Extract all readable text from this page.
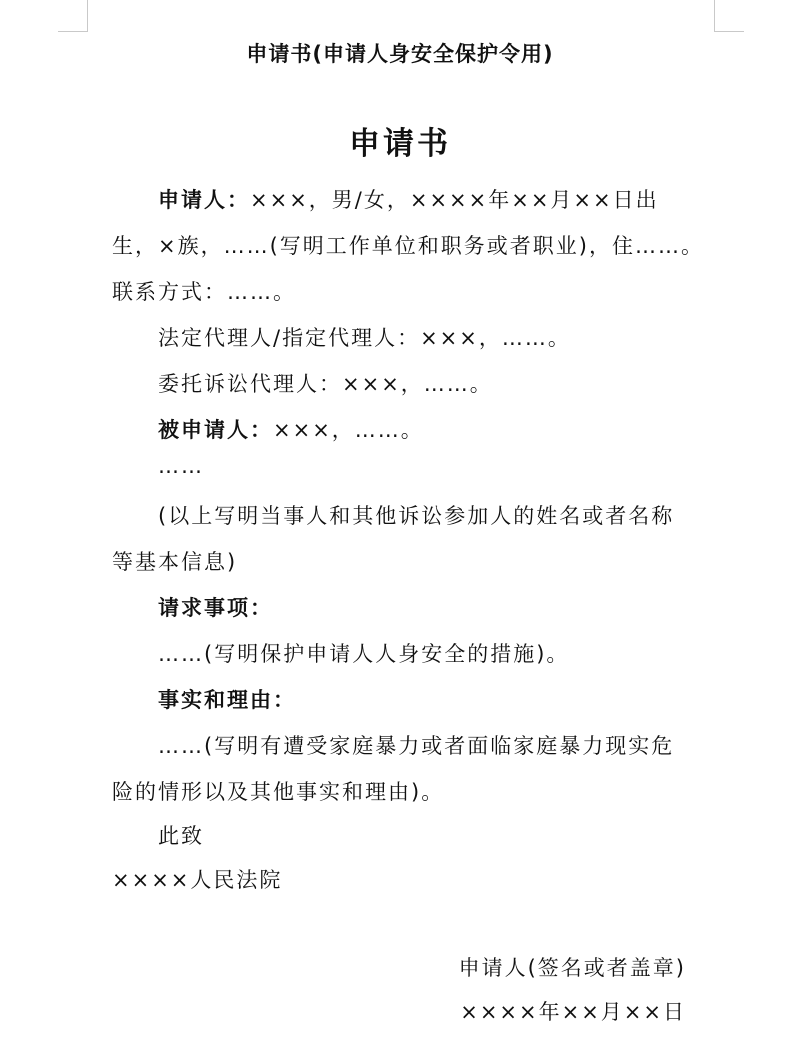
申请书(申请人身安全保护令用)
申请书
申请人：×××，男/女，××××年××月××日出
生，×族，……(写明工作单位和职务或者职业)，住……。
联系方式：……。
法定代理人/指定代理人：×××，……。
委托诉讼代理人：×××，……。
被申请人：×××，……。
……
(以上写明当事人和其他诉讼参加人的姓名或者名称
等基本信息)
请求事项：
……(写明保护申请人人身安全的措施)。
事实和理由：
……(写明有遭受家庭暴力或者面临家庭暴力现实危
险的情形以及其他事实和理由)。
此致
××××人民法院
申请人(签名或者盖章)
××××年××月××日
